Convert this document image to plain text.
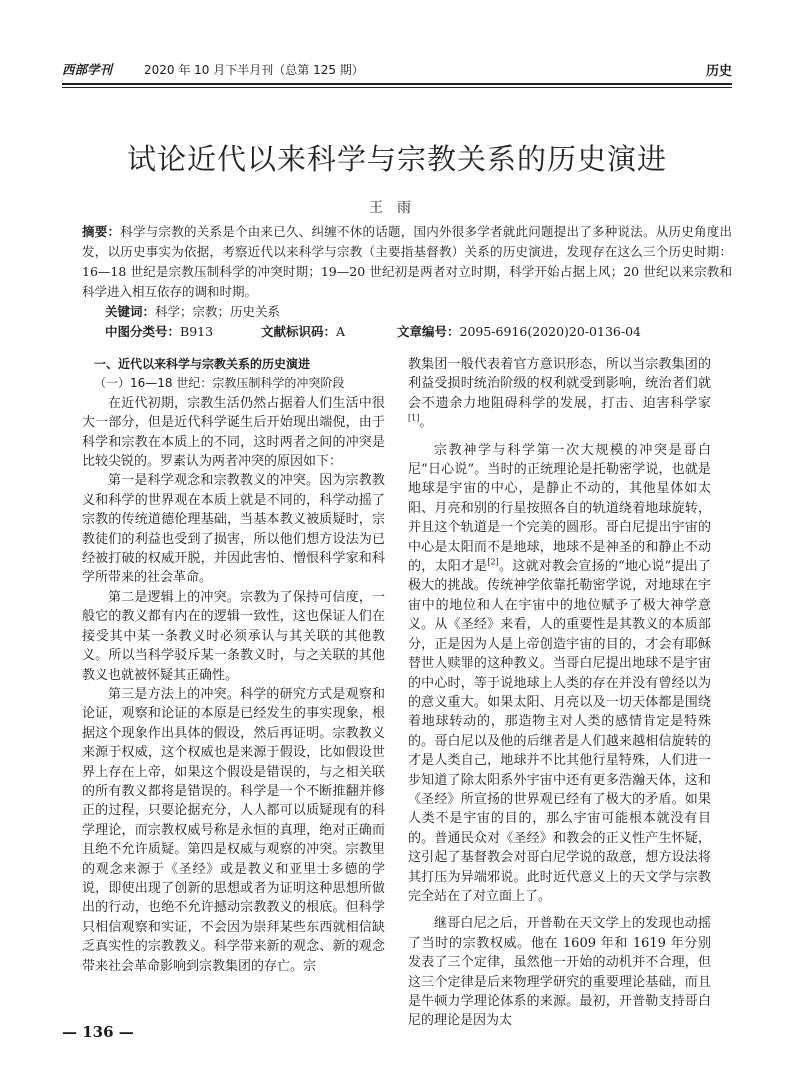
西部学刊	2020 年 10 月下半月刊（总第 125 期）	历史
试论近代以来科学与宗教关系的历史演进
王雨

摘要：科学与宗教的关系是个由来已久、纠缠不休的话题，国内外很多学者就此问题提出了多种说法。从历史角度出发，以历史事实为依据，考察近代以来科学与宗教（主要指基督教）关系的历史演进，发现存在这么三个历史时期：16—18 世纪是宗教压制科学的冲突时期；19—20 世纪初是两者对立时期，科学开始占据上风；20 世纪以来宗教和科学进入相互依存的调和时期。

关键词：科学；宗教；历史关系
中图分类号：B913	文献标识码：A	文章编号：2095-6916(2020)20-0136-04
一、近代以来科学与宗教关系的历史演进
（一）16—18 世纪：宗教压制科学的冲突阶段

在近代初期，宗教生活仍然占据着人们生活中很大一部分，但是近代科学诞生后开始现出端倪，由于科学和宗教在本质上的不同，这时两者之间的冲突是比较尖锐的。罗素认为两者冲突的原因如下：

第一是科学观念和宗教教义的冲突。因为宗教教义和科学的世界观在本质上就是不同的，科学动摇了宗教的传统道德伦理基础，当基本教义被质疑时，宗教徒们的利益也受到了损害，所以他们想方设法为已经被打破的权威开脱，并因此害怕、憎恨科学家和科学所带来的社会革命。

第二是逻辑上的冲突。宗教为了保持可信度，一般它的教义都有内在的逻辑一致性，这也保证人们在接受其中某一条教义时必须承认与其关联的其他教义。所以当科学驳斥某一条教义时，与之关联的其他教义也就被怀疑其正确性。

第三是方法上的冲突。科学的研究方式是观察和论证，观察和论证的本原是已经发生的事实现象，根据这个现象作出具体的假设，然后再证明。宗教教义来源于权威，这个权威也是来源于假设，比如假设世界上存在上帝，如果这个假设是错误的，与之相关联的所有教义都将是错误的。科学是一个不断推翻并修正的过程，只要论据充分，人人都可以质疑现有的科学理论，而宗教权威号称是永恒的真理，绝对正确而且绝不允许质疑。第四是权威与观察的冲突。宗教里的观念来源于《圣经》或是教义和亚里士多德的学说，即使出现了创新的思想或者为证明这种思想所做出的行动，也绝不允许撼动宗教教义的根底。但科学只相信观察和实证，不会因为崇拜某些东西就相信缺乏真实性的宗教教义。科学带来新的观念、新的观念带来社会革命影响到宗教集团的存亡。宗

教集团一般代表着官方意识形态，所以当宗教集团的利益受损时统治阶级的权利就受到影响，统治者们就会不遗余力地阻碍科学的发展，打击、迫害科学家[1]。

宗教神学与科学第一次大规模的冲突是哥白尼“日心说”。当时的正统理论是托勒密学说，也就是地球是宇宙的中心，是静止不动的，其他星体如太阳、月亮和别的行星按照各自的轨道绕着地球旋转，并且这个轨道是一个完美的圆形。哥白尼提出宇宙的中心是太阳而不是地球，地球不是神圣的和静止不动的，太阳才是[2]。这就对教会宣扬的“地心说”提出了极大的挑战。传统神学依靠托勒密学说，对地球在宇宙中的地位和人在宇宙中的地位赋予了极大神学意义。从《圣经》来看，人的重要性是其教义的本质部分，正是因为人是上帝创造宇宙的目的，才会有耶稣替世人赎罪的这种教义。当哥白尼提出地球不是宇宙的中心时，等于说地球上人类的存在并没有曾经以为的意义重大。如果太阳、月亮以及一切天体都是围绕着地球转动的，那造物主对人类的感情肯定是特殊的。哥白尼以及他的后继者是人们越来越相信旋转的才是人类自己，地球并不比其他行星特殊，人们进一步知道了除太阳系外宇宙中还有更多浩瀚天体，这和《圣经》所宣扬的世界观已经有了极大的矛盾。如果人类不是宇宙的目的，那么宇宙可能根本就没有目的。普通民众对《圣经》和教会的正义性产生怀疑，这引起了基督教会对哥白尼学说的敌意，想方设法将其打压为异端邪说。此时近代意义上的天文学与宗教完全站在了对立面上了。

继哥白尼之后，开普勒在天文学上的发现也动摇了当时的宗教权威。他在 1609 年和 1619 年分别发表了三个定律，虽然他一开始的动机并不合理，但这三个定律是后来物理学研究的重要理论基础，而且是牛顿力学理论体系的来源。最初，开普勒支持哥白尼的理论是因为太

— 136 —
